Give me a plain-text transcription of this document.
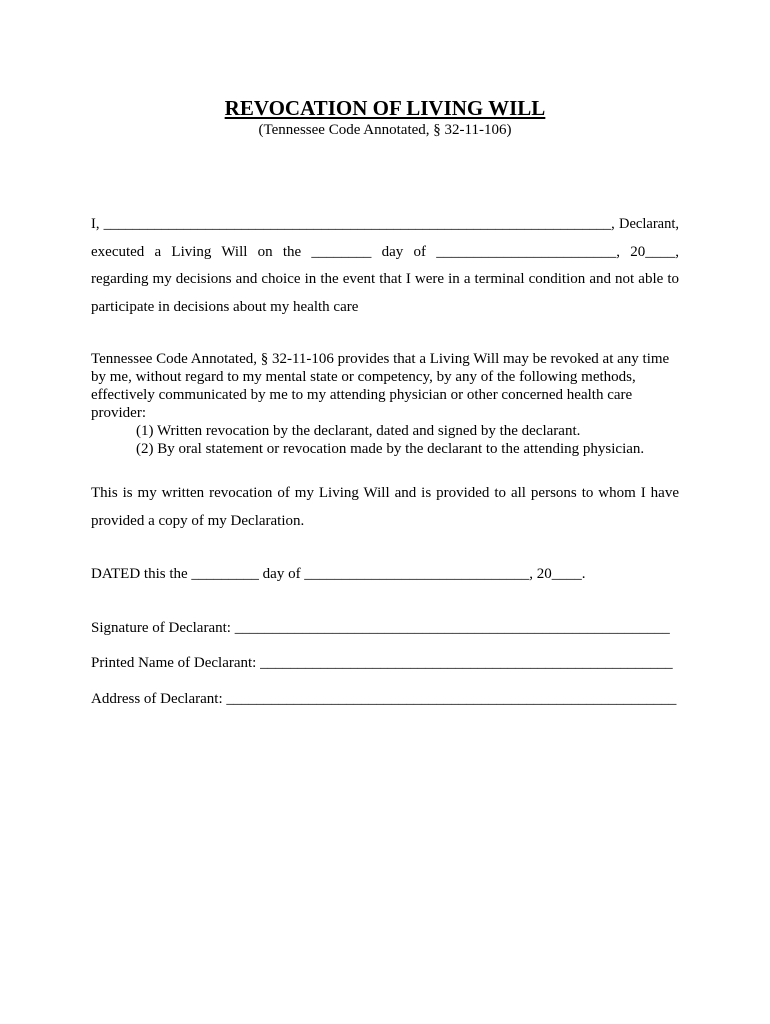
REVOCATION OF LIVING WILL

(Tennessee Code Annotated, § 32-11-106)

I, ______________________________________________________________________, Declarant,

executed a Living Will on the ________ day of ________________________, 20____,

regarding my decisions and choice in the event that I were in a terminal condition and not able to

participate in decisions about my health care

Tennessee Code Annotated, § 32-11-106 provides that a Living Will may be revoked at any time

by me, without regard to my mental state or competency, by any of the following methods,

effectively communicated by me to my attending physician or other concerned health care

provider:

(1) Written revocation by the declarant, dated and signed by the declarant.

(2) By oral statement or revocation made by the declarant to the attending physician.

This is my written revocation of my Living Will and is provided to all persons to whom I have

provided a copy of my Declaration.

DATED this the _________ day of ______________________________, 20____.

Signature of Declarant: __________________________________________________________

Printed Name of Declarant: _______________________________________________________

Address of Declarant: ____________________________________________________________
